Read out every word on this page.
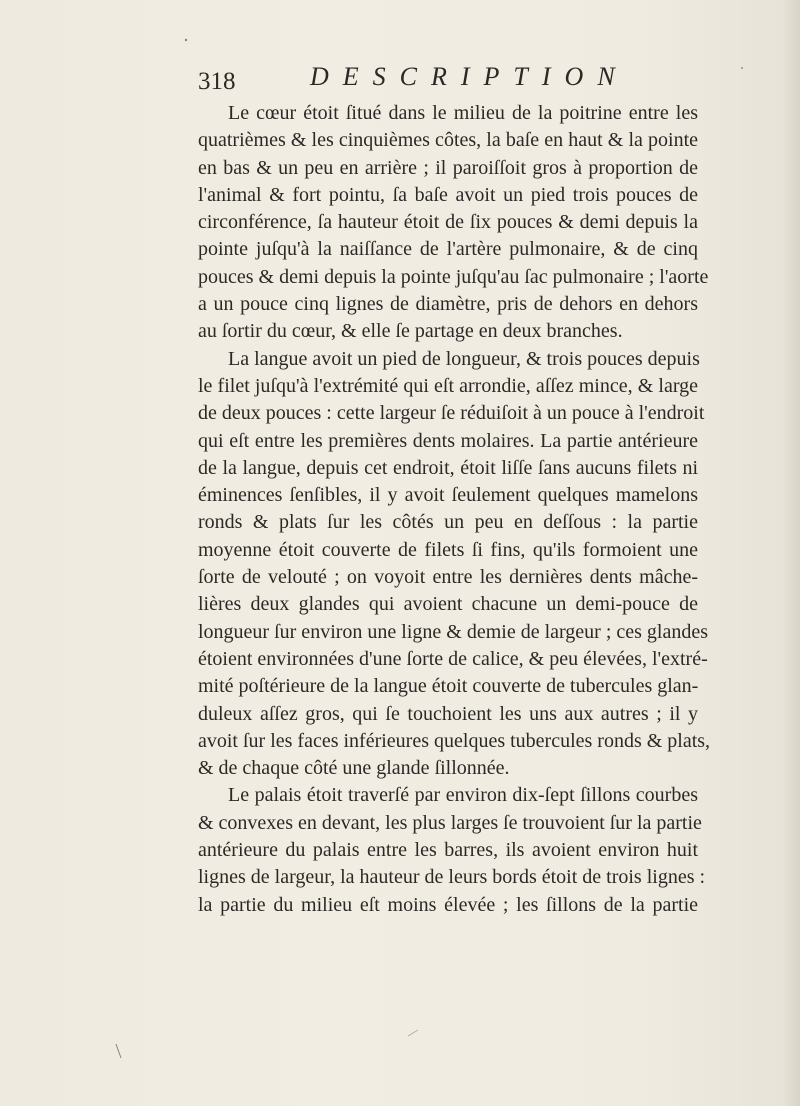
318	DESCRIPTION
Le cœur étoit ſitué dans le milieu de la poitrine entre les
quatrièmes & les cinquièmes côtes, la baſe en haut & la pointe
en bas & un peu en arrière ; il paroiſſoit gros à proportion de
l'animal & fort pointu, ſa baſe avoit un pied trois pouces de
circonférence, ſa hauteur étoit de ſix pouces & demi depuis la
pointe juſqu'à la naiſſance de l'artère pulmonaire, & de cinq
pouces & demi depuis la pointe juſqu'au ſac pulmonaire ; l'aorte
a un pouce cinq lignes de diamètre, pris de dehors en dehors
au ſortir du cœur, & elle ſe partage en deux branches.
La langue avoit un pied de longueur, & trois pouces depuis
le filet juſqu'à l'extrémité qui eſt arrondie, aſſez mince, & large
de deux pouces : cette largeur ſe réduiſoit à un pouce à l'endroit
qui eſt entre les premières dents molaires. La partie antérieure
de la langue, depuis cet endroit, étoit liſſe ſans aucuns filets ni
éminences ſenſibles, il y avoit ſeulement quelques mamelons
ronds & plats ſur les côtés un peu en deſſous : la partie
moyenne étoit couverte de filets ſi fins, qu'ils formoient une
ſorte de velouté ; on voyoit entre les dernières dents mâche-
lières deux glandes qui avoient chacune un demi-pouce de
longueur ſur environ une ligne & demie de largeur ; ces glandes
étoient environnées d'une ſorte de calice, & peu élevées, l'extré-
mité poſtérieure de la langue étoit couverte de tubercules glan-
duleux aſſez gros, qui ſe touchoient les uns aux autres ; il y
avoit ſur les faces inférieures quelques tubercules ronds & plats,
& de chaque côté une glande ſillonnée.
Le palais étoit traverſé par environ dix-ſept ſillons courbes
& convexes en devant, les plus larges ſe trouvoient ſur la partie
antérieure du palais entre les barres, ils avoient environ huit
lignes de largeur, la hauteur de leurs bords étoit de trois lignes :
la partie du milieu eſt moins élevée ; les ſillons de la partie
